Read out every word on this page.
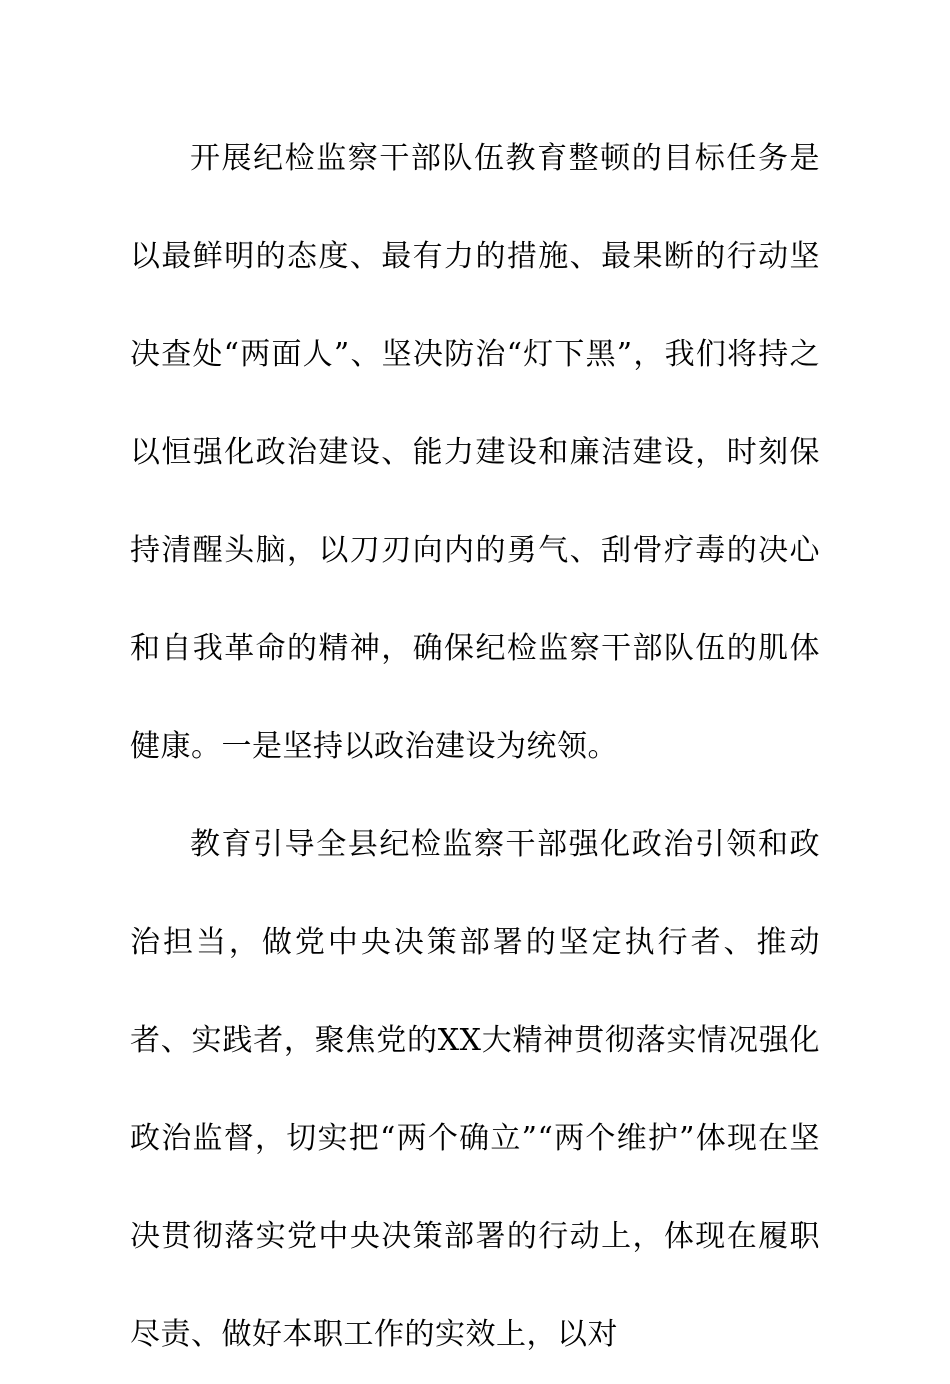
开展纪检监察干部队伍教育整顿的目标任务是以最鲜明的态度、最有力的措施、最果断的行动坚决查处“两面人”、坚决防治“灯下黑”，我们将持之以恒强化政治建设、能力建设和廉洁建设，时刻保持清醒头脑，以刀刃向内的勇气、刮骨疗毒的决心和自我革命的精神，确保纪检监察干部队伍的肌体健康。一是坚持以政治建设为统领。

教育引导全县纪检监察干部强化政治引领和政治担当，做党中央决策部署的坚定执行者、推动者、实践者，聚焦党的XX大精神贯彻落实情况强化政治监督，切实把“两个确立”“两个维护”体现在坚决贯彻落实党中央决策部署的行动上，体现在履职尽责、做好本职工作的实效上，以对
